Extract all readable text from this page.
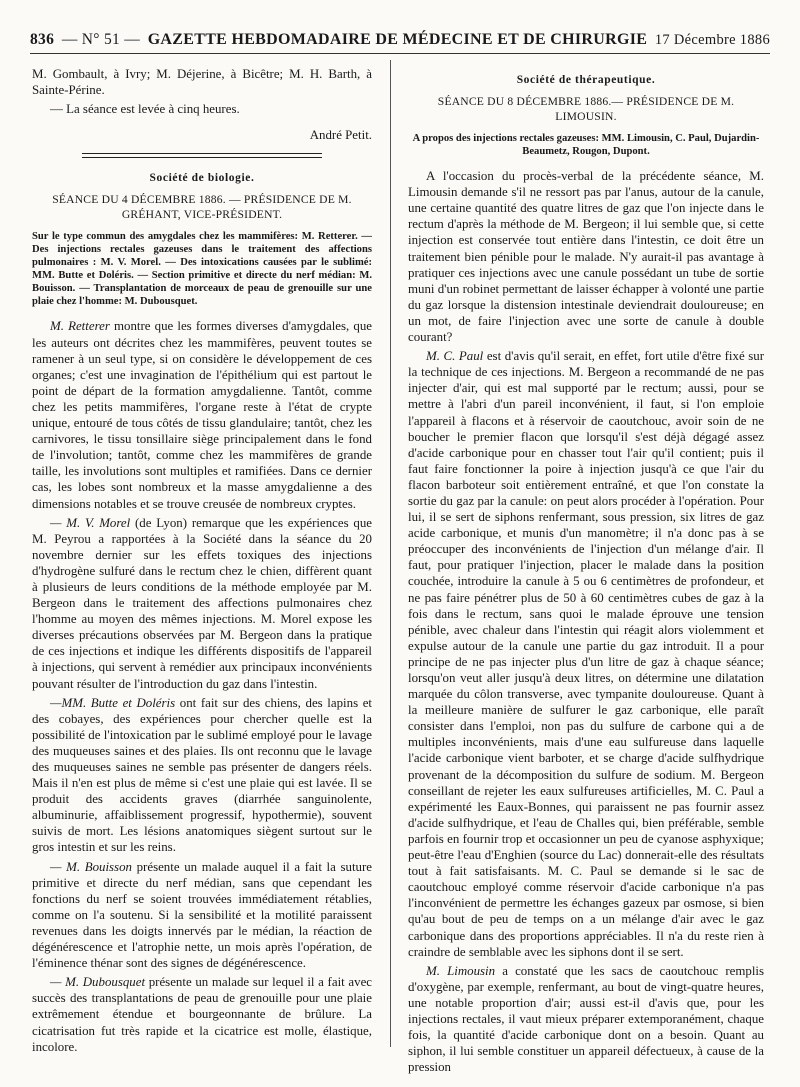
836 — N° 51 — GAZETTE HEBDOMADAIRE DE MÉDECINE ET DE CHIRURGIE 17 Décembre 1886

M. Gombault, à Ivry; M. Déjerine, à Bicêtre; M. H. Barth, à Sainte-Périne.

— La séance est levée à cinq heures.

André Petit.
Société de biologie.
SÉANCE DU 4 DÉCEMBRE 1886. — PRÉSIDENCE DE M. GRÉHANT, VICE-PRÉSIDENT.

Sur le type commun des amygdales chez les mammifères: M. Retterer. — Des injections rectales gazeuses dans le traitement des affections pulmonaires : M. V. Morel. — Des intoxications causées par le sublimé: MM. Butte et Doléris. — Section primitive et directe du nerf médian: M. Bouisson. — Transplantation de morceaux de peau de grenouille sur une plaie chez l'homme: M. Dubousquet.

M. Retterer montre que les formes diverses d'amygdales, que les auteurs ont décrites chez les mammifères, peuvent toutes se ramener à un seul type, si on considère le développement de ces organes; c'est une invagination de l'épithélium qui est partout le point de départ de la formation amygdalienne. Tantôt, comme chez les petits mammifères, l'organe reste à l'état de crypte unique, entouré de tous côtés de tissu glandulaire; tantôt, chez les carnivores, le tissu tonsillaire siège principalement dans le fond de l'involution; tantôt, comme chez les mammifères de grande taille, les involutions sont multiples et ramifiées. Dans ce dernier cas, les lobes sont nombreux et la masse amygdalienne a des dimensions notables et se trouve creusée de nombreux cryptes.

— M. V. Morel (de Lyon) remarque que les expériences que M. Peyrou a rapportées à la Société dans la séance du 20 novembre dernier sur les effets toxiques des injections d'hydrogène sulfuré dans le rectum chez le chien, diffèrent quant à plusieurs de leurs conditions de la méthode employée par M. Bergeon dans le traitement des affections pulmonaires chez l'homme au moyen des mêmes injections. M. Morel expose les diverses précautions observées par M. Bergeon dans la pratique de ces injections et indique les différents dispositifs de l'appareil à injections, qui servent à remédier aux principaux inconvénients pouvant résulter de l'introduction du gaz dans l'intestin.

—MM. Butte et Doléris ont fait sur des chiens, des lapins et des cobayes, des expériences pour chercher quelle est la possibilité de l'intoxication par le sublimé employé pour le lavage des muqueuses saines et des plaies. Ils ont reconnu que le lavage des muqueuses saines ne semble pas présenter de dangers réels. Mais il n'en est plus de même si c'est une plaie qui est lavée. Il se produit des accidents graves (diarrhée sanguinolente, albuminurie, affaiblissement progressif, hypothermie), souvent suivis de mort. Les lésions anatomiques siègent surtout sur le gros intestin et sur les reins.

— M. Bouisson présente un malade auquel il a fait la suture primitive et directe du nerf médian, sans que cependant les fonctions du nerf se soient trouvées immédiatement rétablies, comme on l'a soutenu. Si la sensibilité et la motilité paraissent revenues dans les doigts innervés par le médian, la réaction de dégénérescence et l'atrophie nette, un mois après l'opération, de l'éminence thénar sont des signes de dégénérescence.

— M. Dubousquet présente un malade sur lequel il a fait avec succès des transplantations de peau de grenouille pour une plaie extrêmement étendue et bourgeonnante de brûlure. La cicatrisation fut très rapide et la cicatrice est molle, élastique, incolore.

Société de thérapeutique.
SÉANCE DU 8 DÉCEMBRE 1886.— PRÉSIDENCE DE M. LIMOUSIN.

A propos des injections rectales gazeuses: MM. Limousin, C. Paul, Dujardin-Beaumetz, Rougon, Dupont.

A l'occasion du procès-verbal de la précédente séance, M. Limousin demande s'il ne ressort pas par l'anus, autour de la canule, une certaine quantité des quatre litres de gaz que l'on injecte dans le rectum d'après la méthode de M. Bergeon; il lui semble que, si cette injection est conservée tout entière dans l'intestin, ce doit être un traitement bien pénible pour le malade. N'y aurait-il pas avantage à pratiquer ces injections avec une canule possédant un tube de sortie muni d'un robinet permettant de laisser échapper à volonté une partie du gaz lorsque la distension intestinale deviendrait douloureuse; en un mot, de faire l'injection avec une sorte de canule à double courant?

M. C. Paul est d'avis qu'il serait, en effet, fort utile d'être fixé sur la technique de ces injections. M. Bergeon a recommandé de ne pas injecter d'air, qui est mal supporté par le rectum; aussi, pour se mettre à l'abri d'un pareil inconvénient, il faut, si l'on emploie l'appareil à flacons et à réservoir de caoutchouc, avoir soin de ne boucher le premier flacon que lorsqu'il s'est déjà dégagé assez d'acide carbonique pour en chasser tout l'air qu'il contient; puis il faut faire fonctionner la poire à injection jusqu'à ce que l'air du flacon barboteur soit entièrement entraîné, et que l'on constate la sortie du gaz par la canule: on peut alors procéder à l'opération. Pour lui, il se sert de siphons renfermant, sous pression, six litres de gaz acide carbonique, et munis d'un manomètre; il n'a donc pas à se préoccuper des inconvénients de l'injection d'un mélange d'air. Il faut, pour pratiquer l'injection, placer le malade dans la position couchée, introduire la canule à 5 ou 6 centimètres de profondeur, et ne pas faire pénétrer plus de 50 à 60 centimètres cubes de gaz à la fois dans le rectum, sans quoi le malade éprouve une tension pénible, avec chaleur dans l'intestin qui réagit alors violemment et expulse autour de la canule une partie du gaz introduit. Il a pour principe de ne pas injecter plus d'un litre de gaz à chaque séance; lorsqu'on veut aller jusqu'à deux litres, on détermine une dilatation marquée du côlon transverse, avec tympanite douloureuse. Quant à la meilleure manière de sulfurer le gaz carbonique, elle paraît consister dans l'emploi, non pas du sulfure de carbone qui a de multiples inconvénients, mais d'une eau sulfureuse dans laquelle l'acide carbonique vient barboter, et se charge d'acide sulfhydrique provenant de la décomposition du sulfure de sodium. M. Bergeon conseillant de rejeter les eaux sulfureuses artificielles, M. C. Paul a expérimenté les Eaux-Bonnes, qui paraissent ne pas fournir assez d'acide sulfhydrique, et l'eau de Challes qui, bien préférable, semble parfois en fournir trop et occasionner un peu de cyanose asphyxique; peut-être l'eau d'Enghien (source du Lac) donnerait-elle des résultats tout à fait satisfaisants. M. C. Paul se demande si le sac de caoutchouc employé comme réservoir d'acide carbonique n'a pas l'inconvénient de permettre les échanges gazeux par osmose, si bien qu'au bout de peu de temps on a un mélange d'air avec le gaz carbonique dans des proportions appréciables. Il n'a du reste rien à craindre de semblable avec les siphons dont il se sert.

M. Limousin a constaté que les sacs de caoutchouc remplis d'oxygène, par exemple, renfermant, au bout de vingt-quatre heures, une notable proportion d'air; aussi est-il d'avis que, pour les injections rectales, il vaut mieux préparer extemporanément, chaque fois, la quantité d'acide carbonique dont on a besoin. Quant au siphon, il lui semble constituer un appareil défectueux, à cause de la pression
